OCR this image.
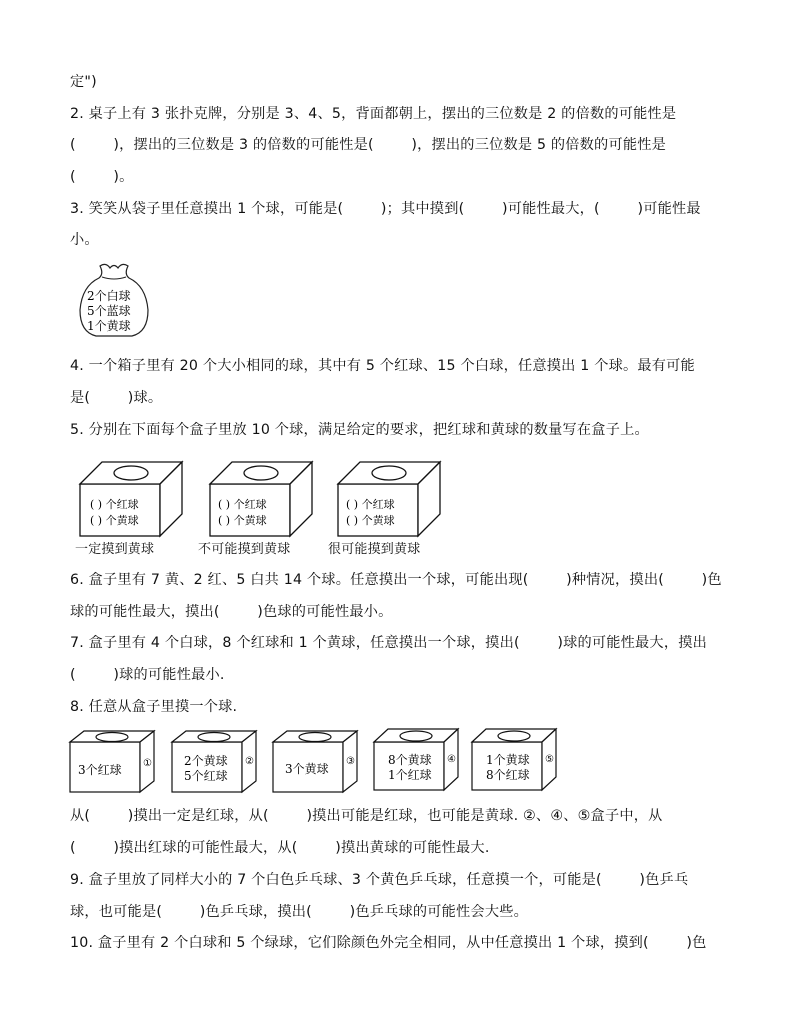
定")
2. 桌子上有 3 张扑克牌，分别是 3、4、5，背面都朝上，摆出的三位数是 2 的倍数的可能性是
(        )，摆出的三位数是 3 的倍数的可能性是(        )，摆出的三位数是 5 的倍数的可能性是
(        )。
3. 笑笑从袋子里任意摸出 1 个球，可能是(        )；其中摸到(        )可能性最大，(        )可能性最
小。
2个白球
5个蓝球
1个黄球
4. 一个箱子里有 20 个大小相同的球，其中有 5 个红球、15 个白球，任意摸出 1 个球。最有可能
是(        )球。
5. 分别在下面每个盒子里放 10 个球，满足给定的要求，把红球和黄球的数量写在盒子上。
( ) 个红球
( ) 个黄球
一定摸到黄球
( ) 个红球
( ) 个黄球
不可能摸到黄球
( ) 个红球
( ) 个黄球
很可能摸到黄球
6. 盒子里有 7 黄、2 红、5 白共 14 个球。任意摸出一个球，可能出现(        )种情况，摸出(        )色
球的可能性最大，摸出(        )色球的可能性最小。
7. 盒子里有 4 个白球，8 个红球和 1 个黄球，任意摸出一个球，摸出(        )球的可能性最大，摸出
(        )球的可能性最小.
8. 任意从盒子里摸一个球.
3个红球 ①	2个黄球
5个红球
②
3个黄球
③	8个黄球
1个红球
④	1个黄球
8个红球
⑤
从(        )摸出一定是红球，从(        )摸出可能是红球，也可能是黄球. ②、④、⑤盒子中，从
(        )摸出红球的可能性最大，从(        )摸出黄球的可能性最大.
9. 盒子里放了同样大小的 7 个白色乒乓球、3 个黄色乒乓球，任意摸一个，可能是(        )色乒乓
球，也可能是(        )色乒乓球，摸出(        )色乒乓球的可能性会大些。
10. 盒子里有 2 个白球和 5 个绿球，它们除颜色外完全相同，从中任意摸出 1 个球，摸到(        )色
